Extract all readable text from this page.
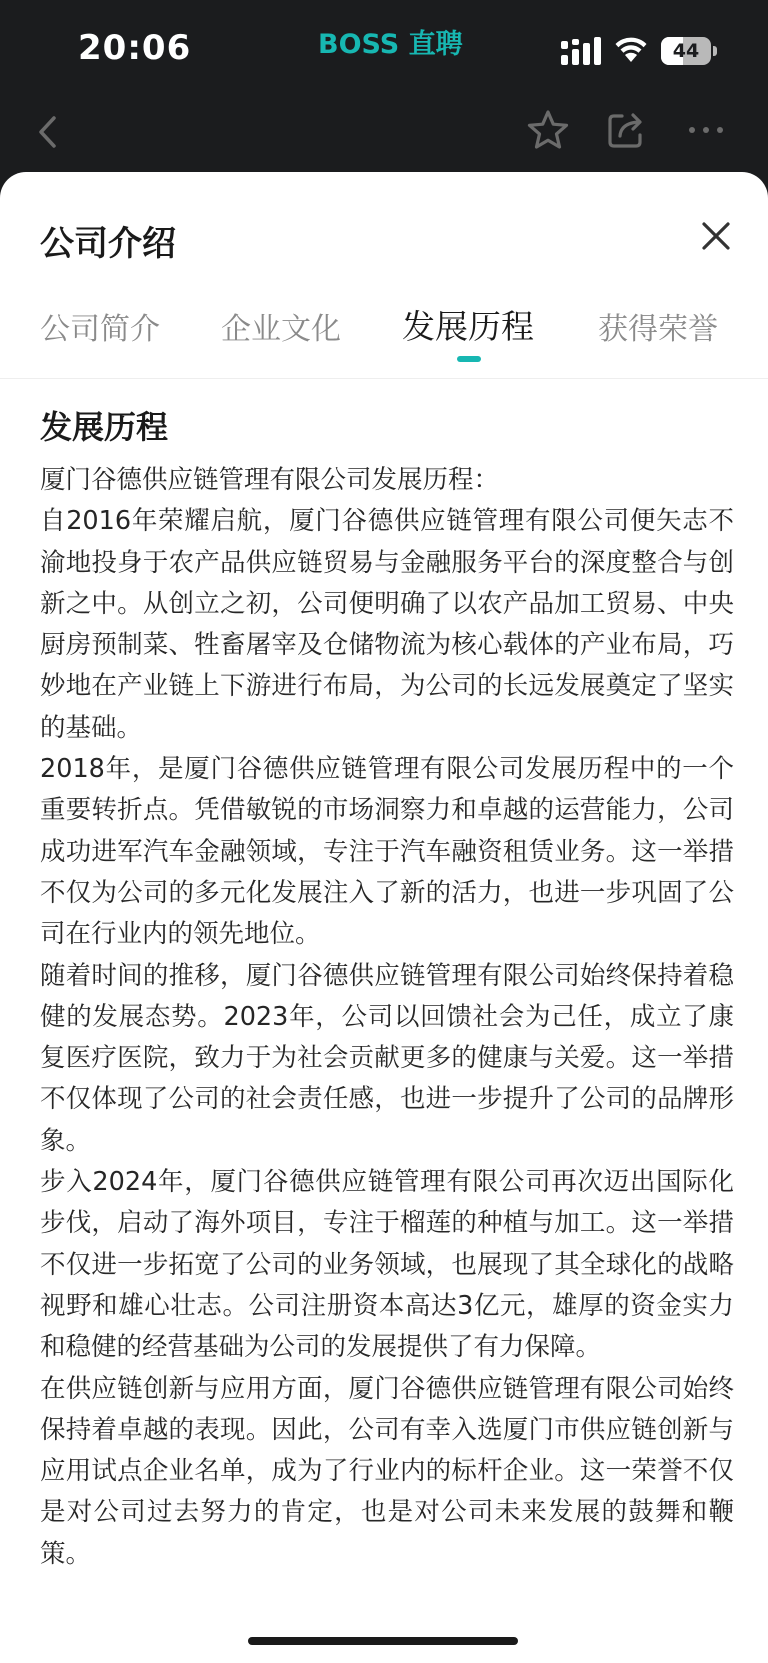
20:06	BOSS 直聘	44
公司介绍
公司简介 企业文化 发展历程 获得荣誉
发展历程

厦门谷德供应链管理有限公司发展历程：

自2016年荣耀启航，厦门谷德供应链管理有限公司便矢志不渝地投身于农产品供应链贸易与金融服务平台的深度整合与创新之中。从创立之初，公司便明确了以农产品加工贸易、中央厨房预制菜、牲畜屠宰及仓储物流为核心载体的产业布局，巧妙地在产业链上下游进行布局，为公司的长远发展奠定了坚实的基础。

2018年，是厦门谷德供应链管理有限公司发展历程中的一个重要转折点。凭借敏锐的市场洞察力和卓越的运营能力，公司成功进军汽车金融领域，专注于汽车融资租赁业务。这一举措不仅为公司的多元化发展注入了新的活力，也进一步巩固了公司在行业内的领先地位。

随着时间的推移，厦门谷德供应链管理有限公司始终保持着稳健的发展态势。2023年，公司以回馈社会为己任，成立了康复医疗医院，致力于为社会贡献更多的健康与关爱。这一举措不仅体现了公司的社会责任感，也进一步提升了公司的品牌形象。

步入2024年，厦门谷德供应链管理有限公司再次迈出国际化步伐，启动了海外项目，专注于榴莲的种植与加工。这一举措不仅进一步拓宽了公司的业务领域，也展现了其全球化的战略视野和雄心壮志。公司注册资本高达3亿元，雄厚的资金实力和稳健的经营基础为公司的发展提供了有力保障。

在供应链创新与应用方面，厦门谷德供应链管理有限公司始终保持着卓越的表现。因此，公司有幸入选厦门市供应链创新与应用试点企业名单，成为了行业内的标杆企业。这一荣誉不仅是对公司过去努力的肯定，也是对公司未来发展的鼓舞和鞭策。
